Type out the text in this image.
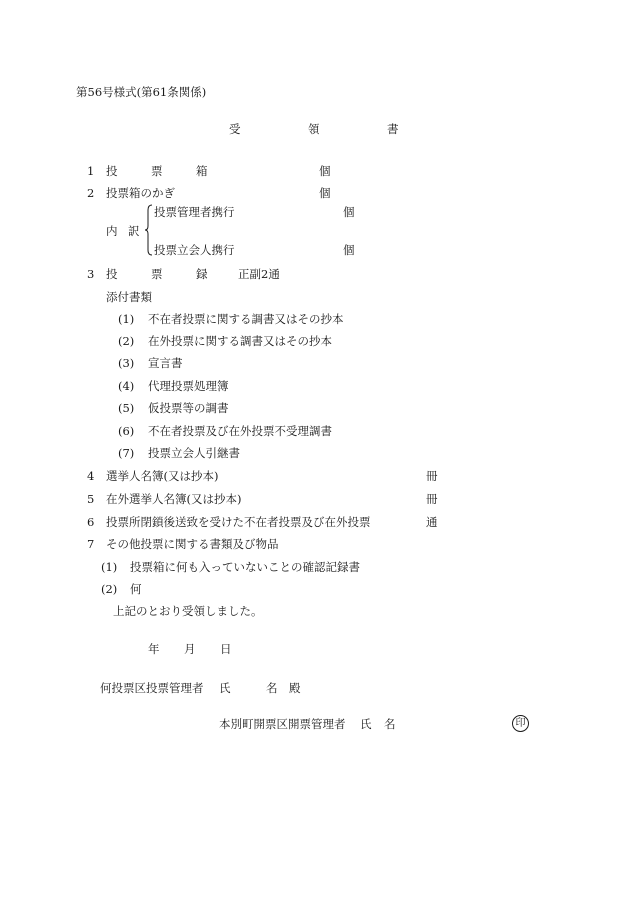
第56号様式(第61条関係)
受	領	書
1 投	票	箱	個
2 投票箱のかぎ	個
内 訳
投票管理者携行	個
投票立会人携行	個
3 投	票	録	正副2通
添付書類
(1) 不在者投票に関する調書又はその抄本
(2) 在外投票に関する調書又はその抄本
(3) 宣言書
(4) 代理投票処理簿
(5) 仮投票等の調書
(6) 不在者投票及び在外投票不受理調書
(7) 投票立会人引継書
4 選挙人名簿(又は抄本)	冊
5 在外選挙人名簿(又は抄本)	冊
6 投票所閉鎖後送致を受けた不在者投票及び在外投票	通
7 その他投票に関する書類及び物品
(1) 投票箱に何も入っていないことの確認記録書
(2) 何
上記のとおり受領しました。
年 月 日
何投票区投票管理者 氏	名 殿
本別町開票区開票管理者 氏 名	印
